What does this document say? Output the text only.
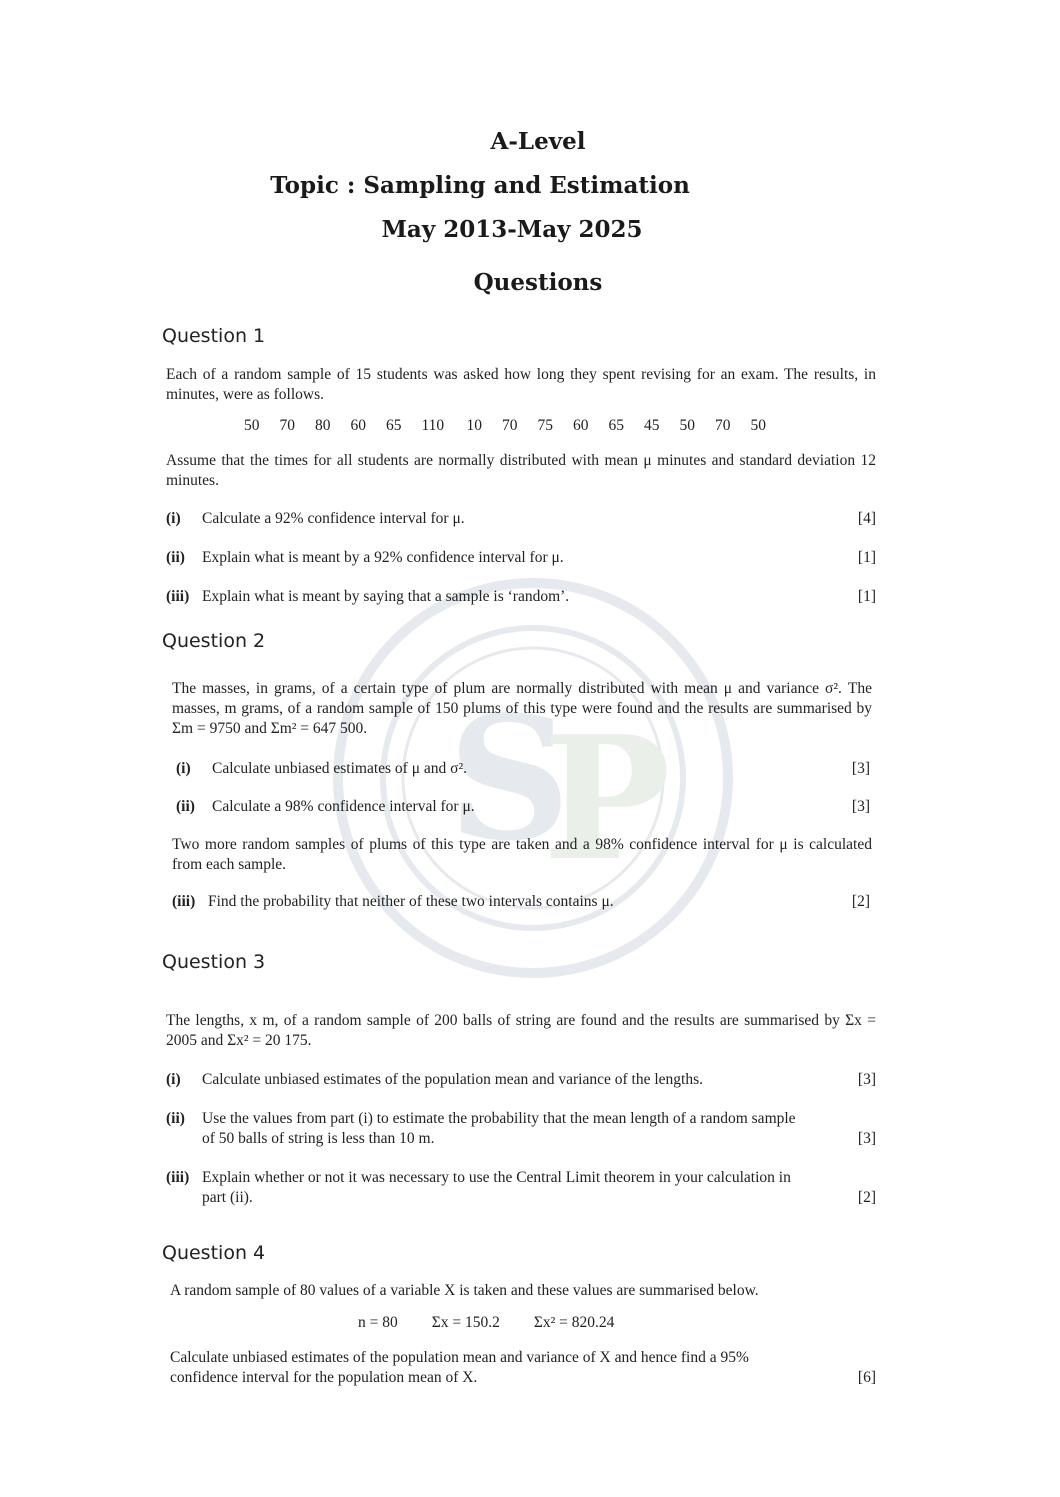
S
P
A-Level
Topic : Sampling and Estimation
May 2013-May 2025
Questions
Question 1
Each of a random sample of 15 students was asked how long they spent revising for an exam. The results, in minutes, were as follows.
50	70	80	60	65	110	10	70	75	60	65	45	50	70	50
Assume that the times for all students are normally distributed with mean μ minutes and standard deviation 12 minutes.
(i)	Calculate a 92% confidence interval for μ.	[4]
(ii)	Explain what is meant by a 92% confidence interval for μ.	[1]
(iii) Explain what is meant by saying that a sample is ‘random’.	[1]
Question 2
The masses, in grams, of a certain type of plum are normally distributed with mean μ and variance σ². The masses, m grams, of a random sample of 150 plums of this type were found and the results are summarised by Σm = 9750 and Σm² = 647 500.
(i)	Calculate unbiased estimates of μ and σ².	[3]
(ii)	Calculate a 98% confidence interval for μ.	[3]
Two more random samples of plums of this type are taken and a 98% confidence interval for μ is calculated from each sample.
(iii) Find the probability that neither of these two intervals contains μ.	[2]
Question 3
The lengths, x m, of a random sample of 200 balls of string are found and the results are summarised by Σx = 2005 and Σx² = 20 175.
(i)	Calculate unbiased estimates of the population mean and variance of the lengths.	[3]
(ii)	Use the values from part (i) to estimate the probability that the mean length of a random sample
of 50 balls of string is less than 10 m.	[3]
(iii) Explain whether or not it was necessary to use the Central Limit theorem in your calculation in
part (ii).	[2]
Question 4
A random sample of 80 values of a variable X is taken and these values are summarised below.
n = 80 Σx = 150.2 Σx² = 820.24
Calculate unbiased estimates of the population mean and variance of X and hence find a 95%
confidence interval for the population mean of X.	[6]
